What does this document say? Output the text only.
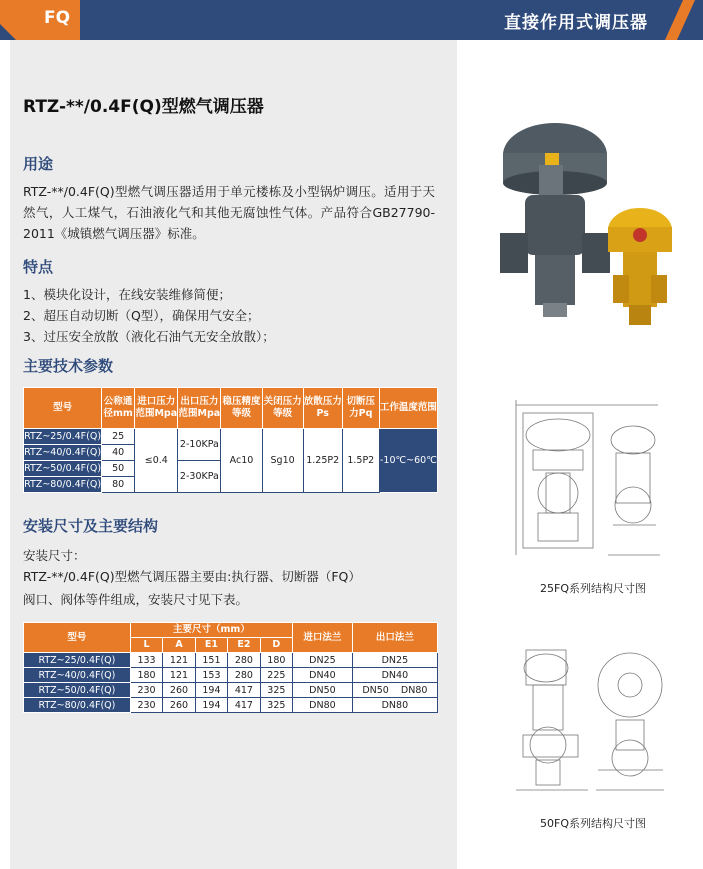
FQ	直接作用式调压器
RTZ-**/0.4F(Q)型燃气调压器
用途
RTZ-**/0.4F(Q)型燃气调压器适用于单元楼栋及小型锅炉调压。适用于天然气，人工煤气，石油液化气和其他无腐蚀性气体。产品符合GB27790-2011《城镇燃气调压器》标准。
特点
1、模块化设计，在线安装维修简便；
2、超压自动切断（Q型），确保用气安全；
3、过压安全放散（液化石油气无安全放散）；
主要技术参数
型号	公称通径mm	进口压力范围Mpa	出口压力范围Mpa	稳压精度等级	关闭压力等级	放散压力Ps	切断压力Pq	工作温度范围
RTZ~25/0.4F(Q)	25	≤0.4	2-10KPa	Ac10	Sg10	1.25P2	1.5P2	-10℃~60℃
RTZ~40/0.4F(Q)	40							
RTZ~50/0.4F(Q)	50		2-30KPa					
RTZ~80/0.4F(Q)	80							
安装尺寸及主要结构
安装尺寸：
RTZ-**/0.4F(Q)型燃气调压器主要由:执行器、切断器（FQ）
阀口、阀体等件组成，安装尺寸见下表。
型号	主要尺寸（mm）					进口法兰	出口法兰
	L	A	E1	E2	D		
RTZ~25/0.4F(Q)	133	121	151	280	180	DN25	DN25
RTZ~40/0.4F(Q)	180	121	153	280	225	DN40	DN40
RTZ~50/0.4F(Q)	230	260	194	417	325	DN50	DN50    DN80
RTZ~80/0.4F(Q)	230	260	194	417	325	DN80	DN80
25FQ系列结构尺寸图
50FQ系列结构尺寸图
